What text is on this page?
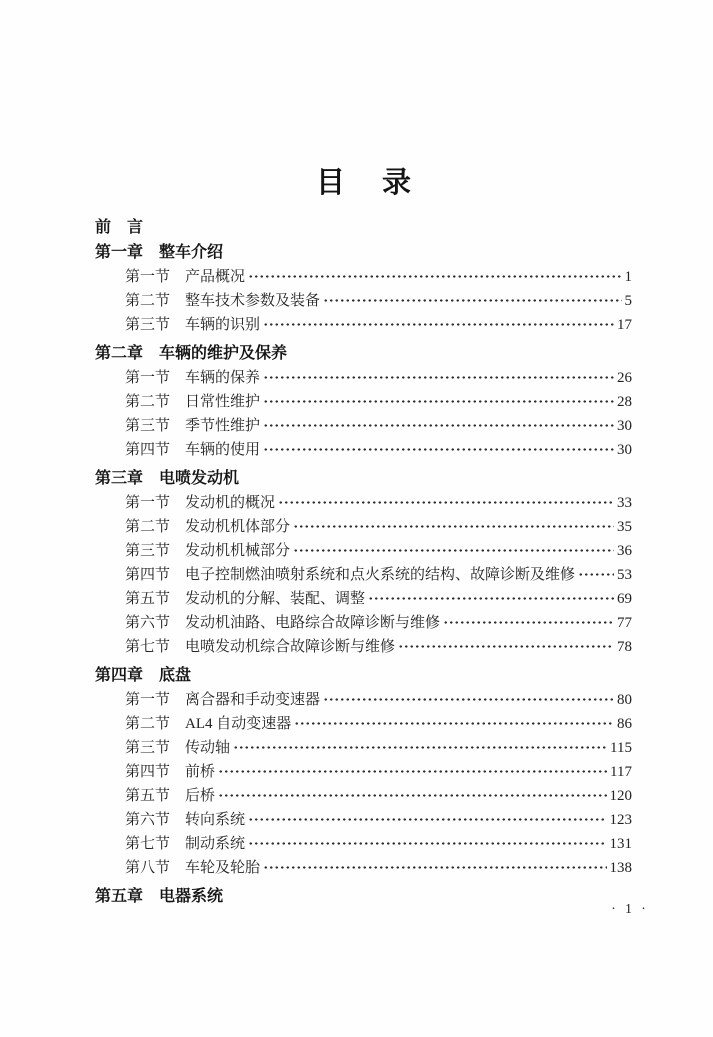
目　录
前　言
第一章　整车介绍
第一节 产品概况	1
第二节 整车技术参数及装备	5
第三节 车辆的识别	17
第二章　车辆的维护及保养
第一节 车辆的保养	26
第二节 日常性维护	28
第三节 季节性维护	30
第四节 车辆的使用	30
第三章　电喷发动机
第一节 发动机的概况	33
第二节 发动机机体部分	35
第三节 发动机机械部分	36
第四节 电子控制燃油喷射系统和点火系统的结构、故障诊断及维修	53
第五节 发动机的分解、装配、调整	69
第六节 发动机油路、电路综合故障诊断与维修	77
第七节 电喷发动机综合故障诊断与维修	78
第四章　底盘
第一节 离合器和手动变速器	80
第二节 AL4 自动变速器	86
第三节 传动轴	115
第四节 前桥	117
第五节 后桥	120
第六节 转向系统	123
第七节 制动系统	131
第八节 车轮及轮胎	138
第五章　电器系统
· 1 ·
